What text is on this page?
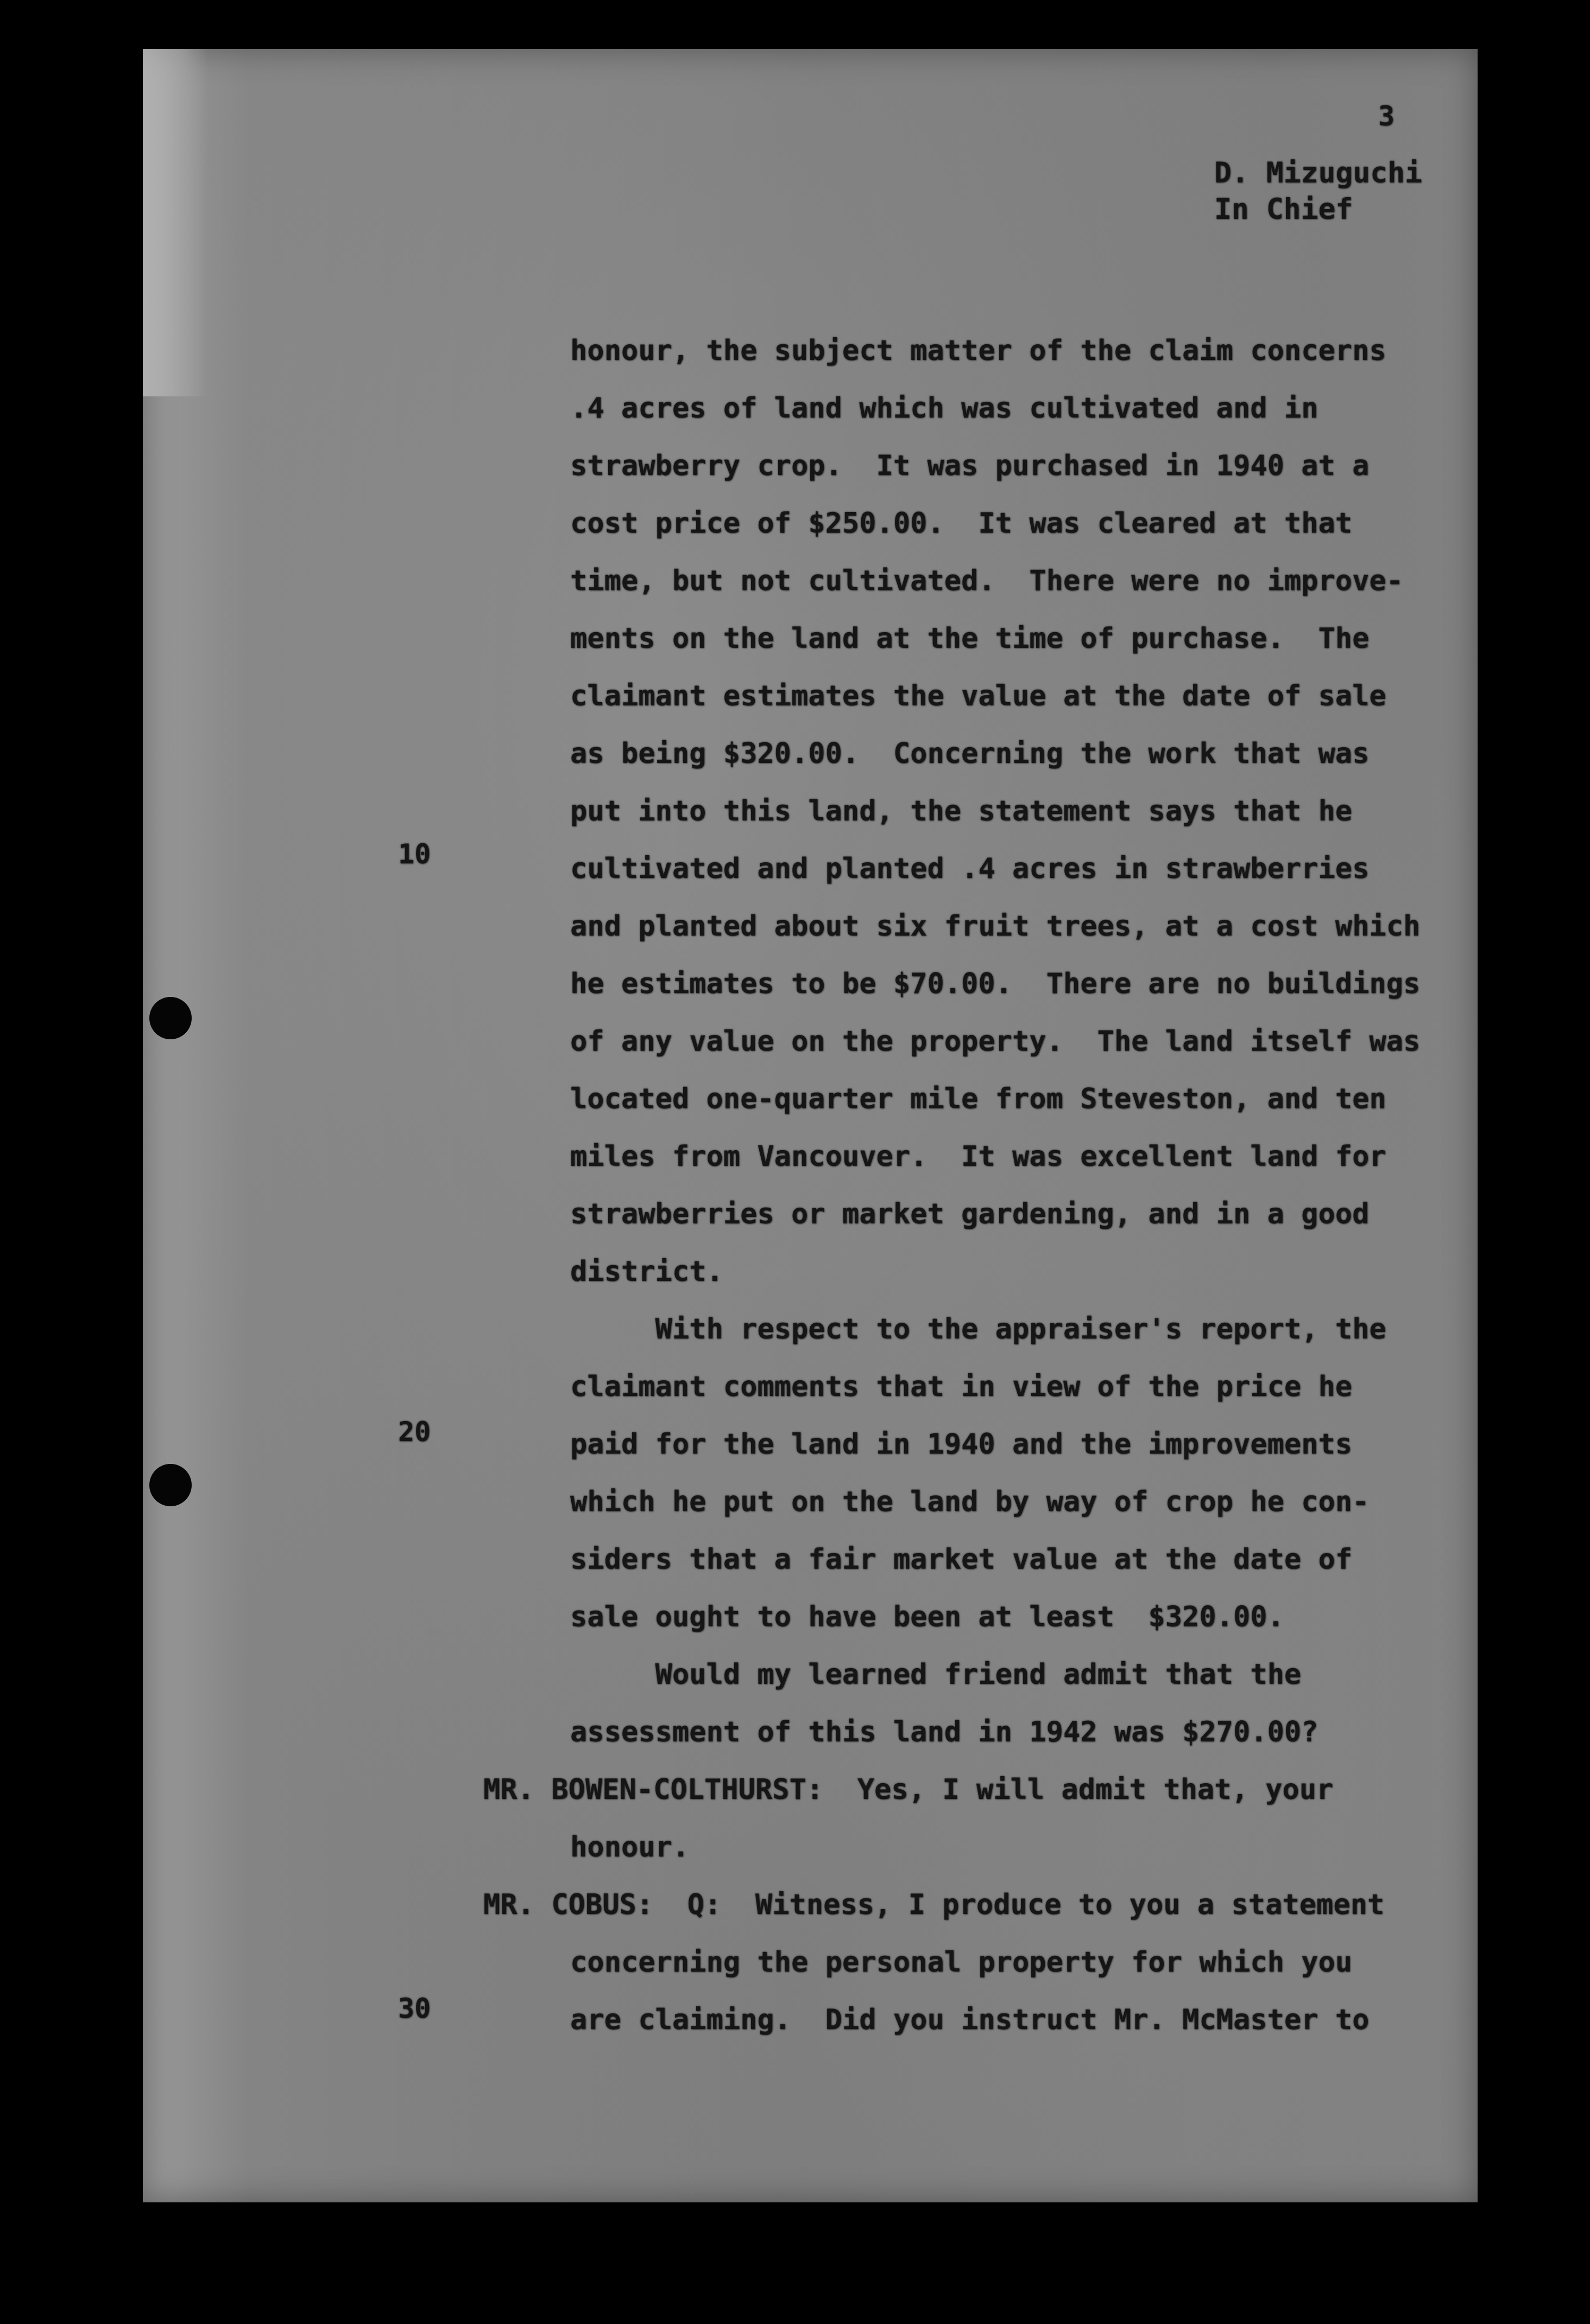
3
D. Mizuguchi
In Chief
10
20
30
honour, the subject matter of the claim concerns
.4 acres of land which was cultivated and in
strawberry crop.  It was purchased in 1940 at a
cost price of $250.00.  It was cleared at that
time, but not cultivated.  There were no improve-
ments on the land at the time of purchase.  The
claimant estimates the value at the date of sale
as being $320.00.  Concerning the work that was
put into this land, the statement says that he
cultivated and planted .4 acres in strawberries
and planted about six fruit trees, at a cost which
he estimates to be $70.00.  There are no buildings
of any value on the property.  The land itself was
located one-quarter mile from Steveston, and ten
miles from Vancouver.  It was excellent land for
strawberries or market gardening, and in a good
district.
With respect to the appraiser's report, the
claimant comments that in view of the price he
paid for the land in 1940 and the improvements
which he put on the land by way of crop he con-
siders that a fair market value at the date of
sale ought to have been at least  $320.00.
Would my learned friend admit that the
assessment of this land in 1942 was $270.00?
MR. BOWEN-COLTHURST:  Yes, I will admit that, your
honour.
MR. COBUS:  Q:  Witness, I produce to you a statement
concerning the personal property for which you
are claiming.  Did you instruct Mr. McMaster to
